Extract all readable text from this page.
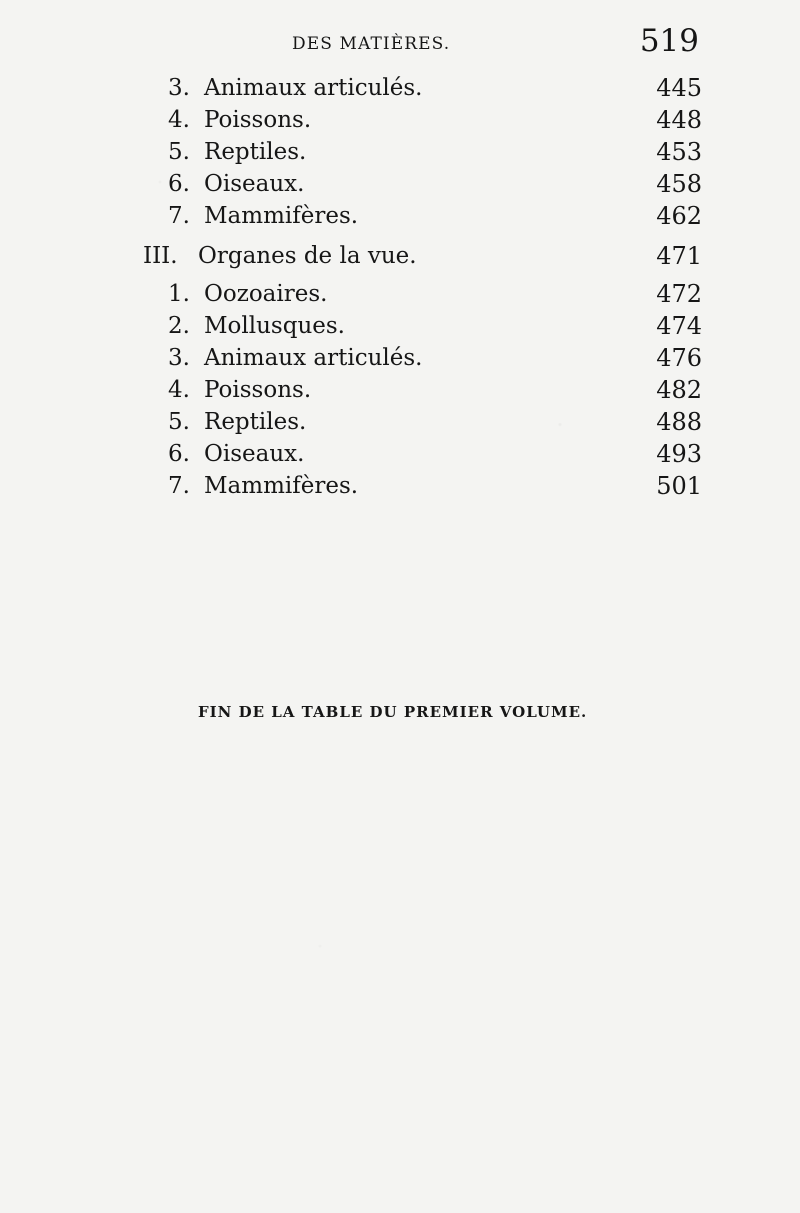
DES MATIÈRES.	519
3. Animaux articulés.	445
4. Poissons.	448
5. Reptiles.	453
6. Oiseaux.	458
7. Mammifères.	462
III. Organes de la vue.	471
1. Oozoaires.	472
2. Mollusques.	474
3. Animaux articulés.	476
4. Poissons.	482
5. Reptiles.	488
6. Oiseaux.	493
7. Mammifères.	501
FIN DE LA TABLE DU PREMIER VOLUME.
